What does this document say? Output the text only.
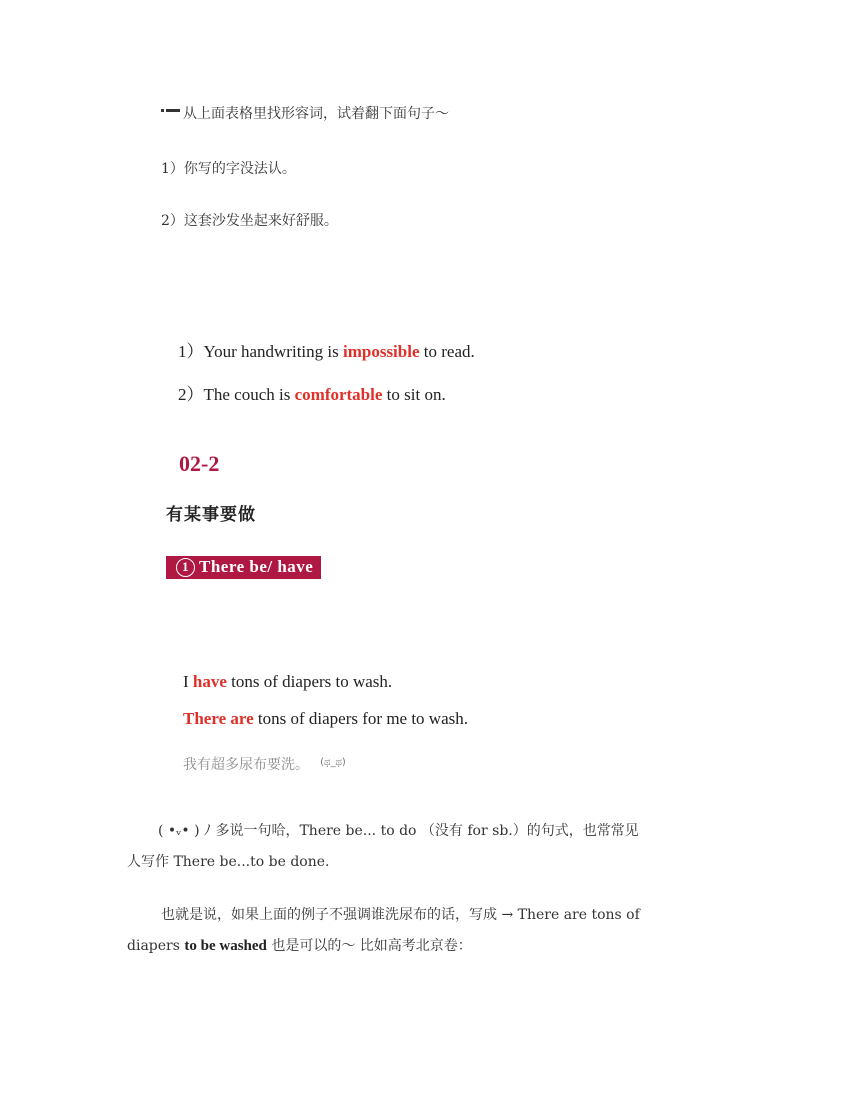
从上面表格里找形容词，试着翻下面句子～
1）你写的字没法认。
2）这套沙发坐起来好舒服。
1）Your handwriting is impossible to read.
2）The couch is comfortable to sit on.
02-2
有某事要做
1 There be/ have
I have tons of diapers to wash.
There are tons of diapers for me to wash.
我有超多尿布要洗。 $^{(ಥ\_ಥ)}$
( •ᵥ• ) ﾉ 多说一句哈，There be... to do （没有 for sb.）的句式，也常常见
人写作 There be...to be done.
也就是说，如果上面的例子不强调谁洗尿布的话，写成 → There are tons of
diapers to be washed 也是可以的～ 比如高考北京卷：
